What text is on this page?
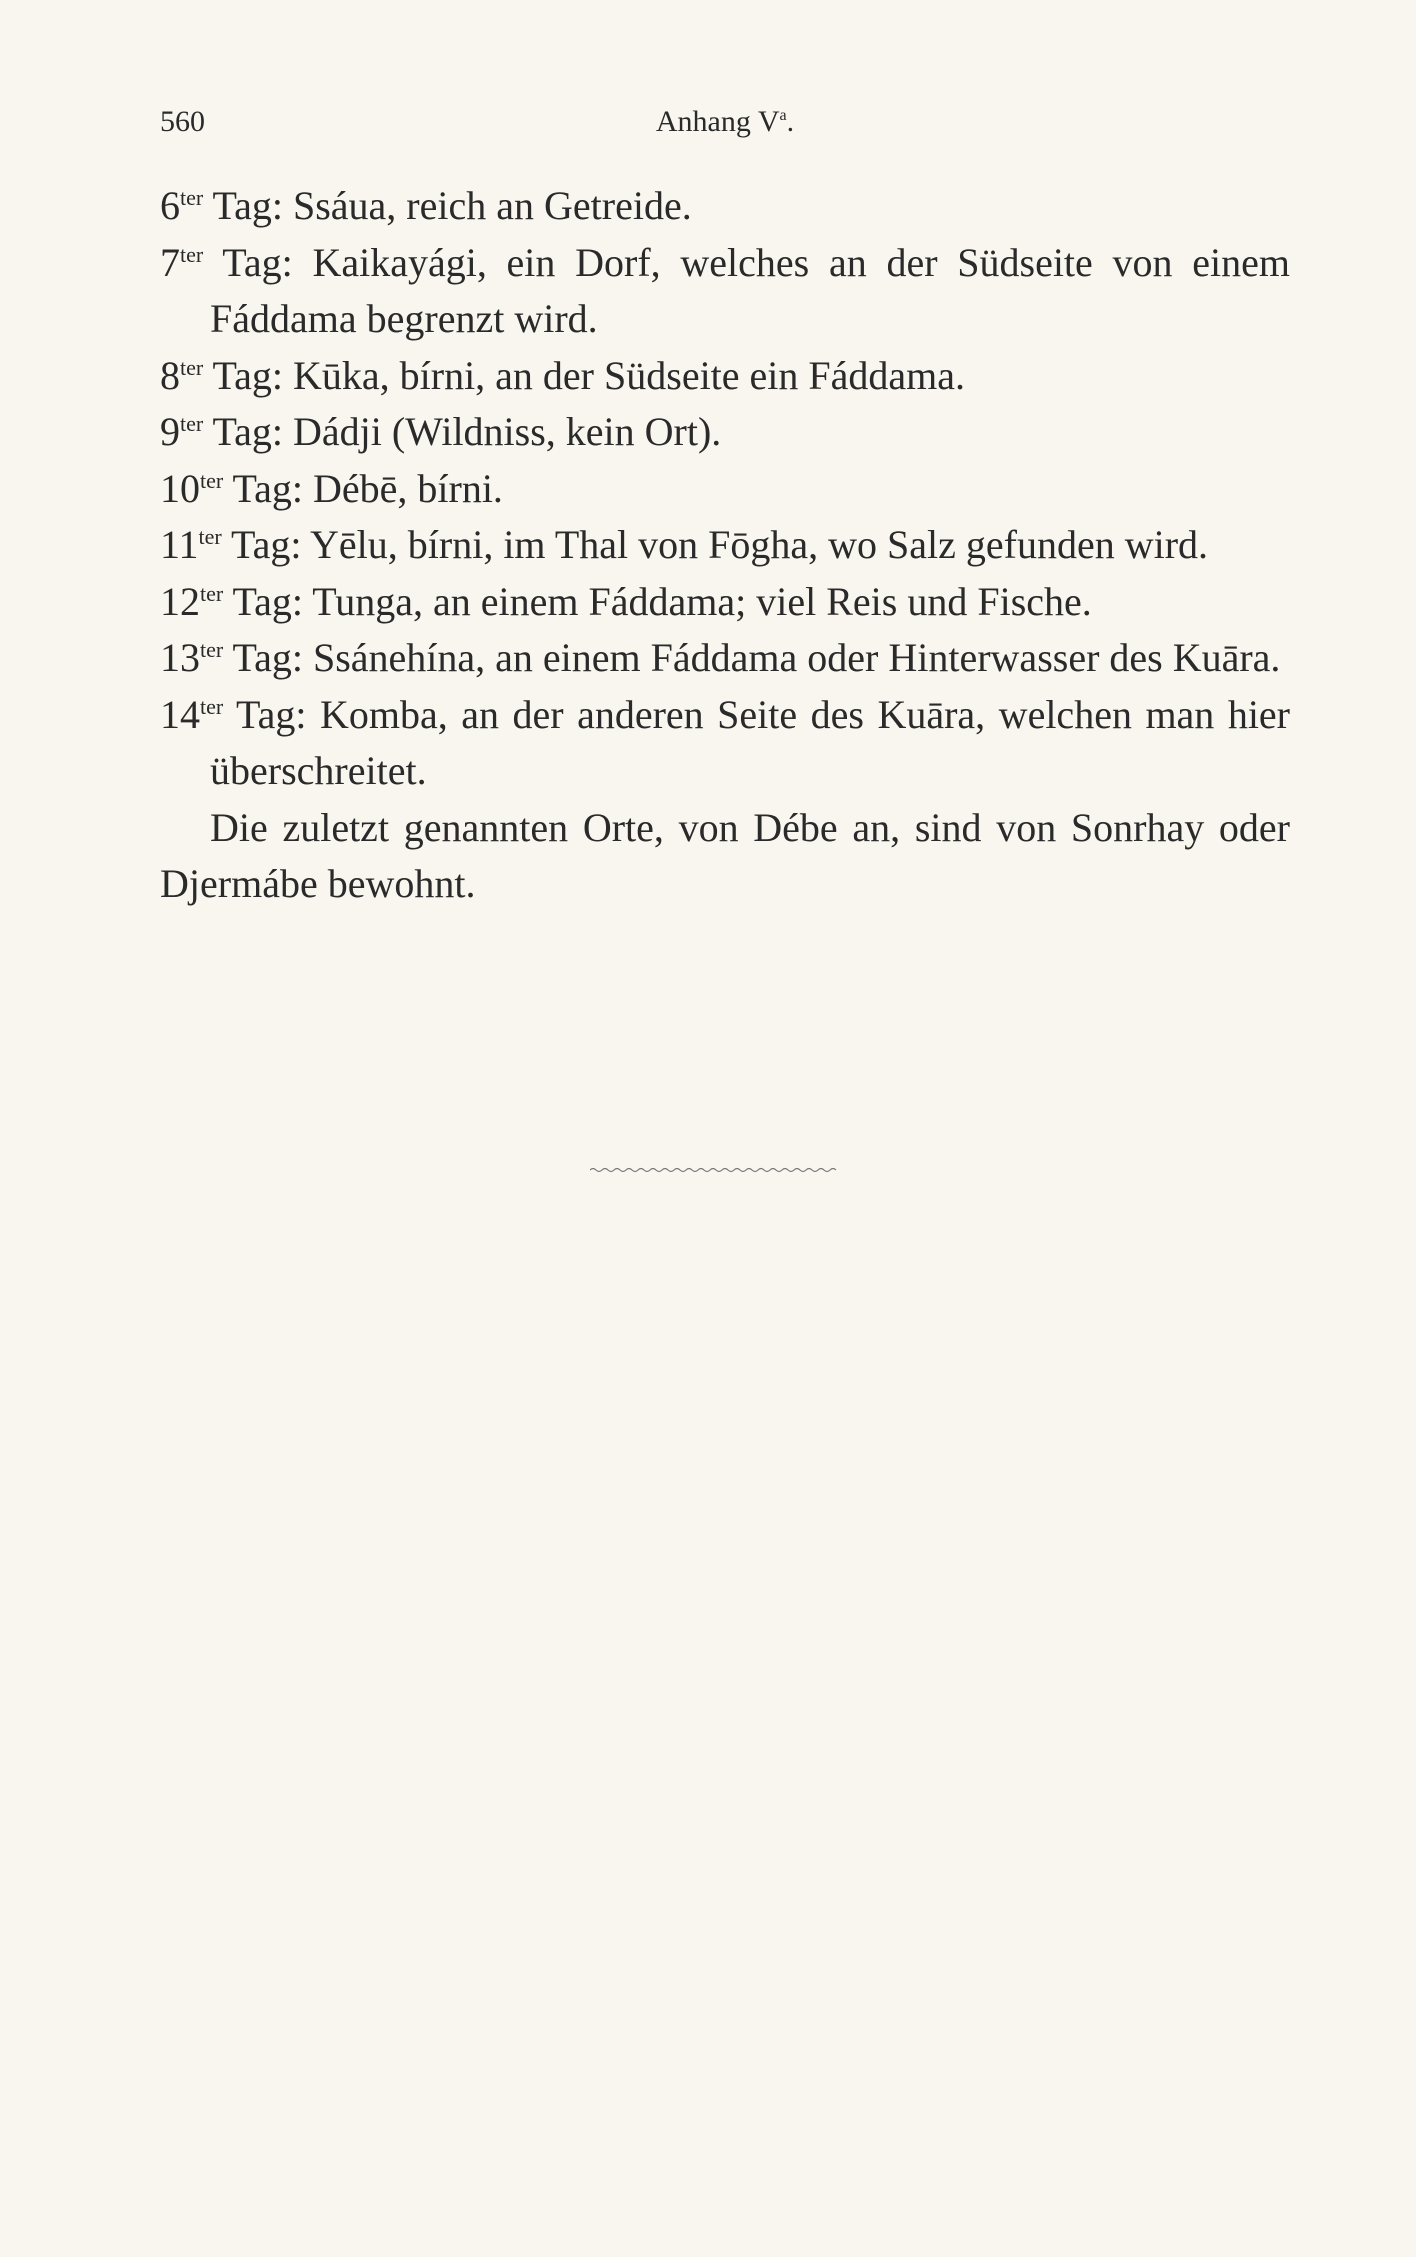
560	Anhang $V^a$.
$6^{ter}$ Tag: Ssáua, reich an Getreide.
$7^{ter}$ Tag: Kaikayági, ein Dorf, welches an der Südseite von einem Fáddama begrenzt wird.
$8^{ter}$ Tag: Kūka, bírni, an der Südseite ein Fáddama.
$9^{ter}$ Tag: Dádji (Wildniss, kein Ort).
$10^{ter}$ Tag: Débē, bírni.
$11^{ter}$ Tag: Yēlu, bírni, im Thal von Fōgha, wo Salz gefunden wird.
$12^{ter}$ Tag: Tunga, an einem Fáddama; viel Reis und Fische.
$13^{ter}$ Tag: Ssánehína, an einem Fáddama oder Hinterwasser des Kuāra.
$14^{ter}$ Tag: Komba, an der anderen Seite des Kuāra, welchen man hier überschreitet.
Die zuletzt genannten Orte, von Débe an, sind von Sonrhay oder Djermábe bewohnt.
